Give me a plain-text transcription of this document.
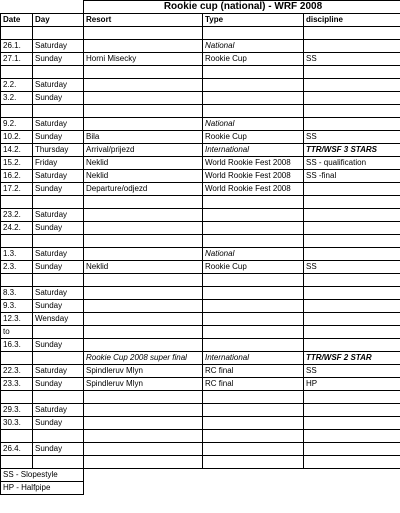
		Rookie cup (national) - WRF 2008		
Date	Day	Resort	Type	discipline

26.1.	Saturday		National	
27.1.	Sunday	Horni Misecky	Rookie Cup	SS

2.2.	Saturday			
3.2.	Sunday			

9.2.	Saturday		National	
10.2.	Sunday	Bila	Rookie Cup	SS
14.2.	Thursday	Arrival/prijezd	International	TTR/WSF 3 STARS
15.2.	Friday	Neklid	World Rookie Fest 2008	SS - qualification
16.2.	Saturday	Neklid	World Rookie Fest 2008	SS -final
17.2.	Sunday	Departure/odjezd	World Rookie Fest 2008	

23.2.	Saturday			
24.2.	Sunday			

1.3.	Saturday		National	
2.3.	Sunday	Neklid	Rookie Cup	SS

8.3.	Saturday			
9.3.	Sunday			
12.3.	Wensday			
to				
16.3.	Sunday			
		Rookie Cup 2008 super final	International	TTR/WSF 2 STAR
22.3.	Saturday	Spindleruv Mlyn	RC final	SS
23.3.	Sunday	Spindleruv Mlyn	RC final	HP

29.3.	Saturday			
30.3.	Sunday			

26.4.	Sunday			

SS - Slopestyle				
HP - Halfpipe				
